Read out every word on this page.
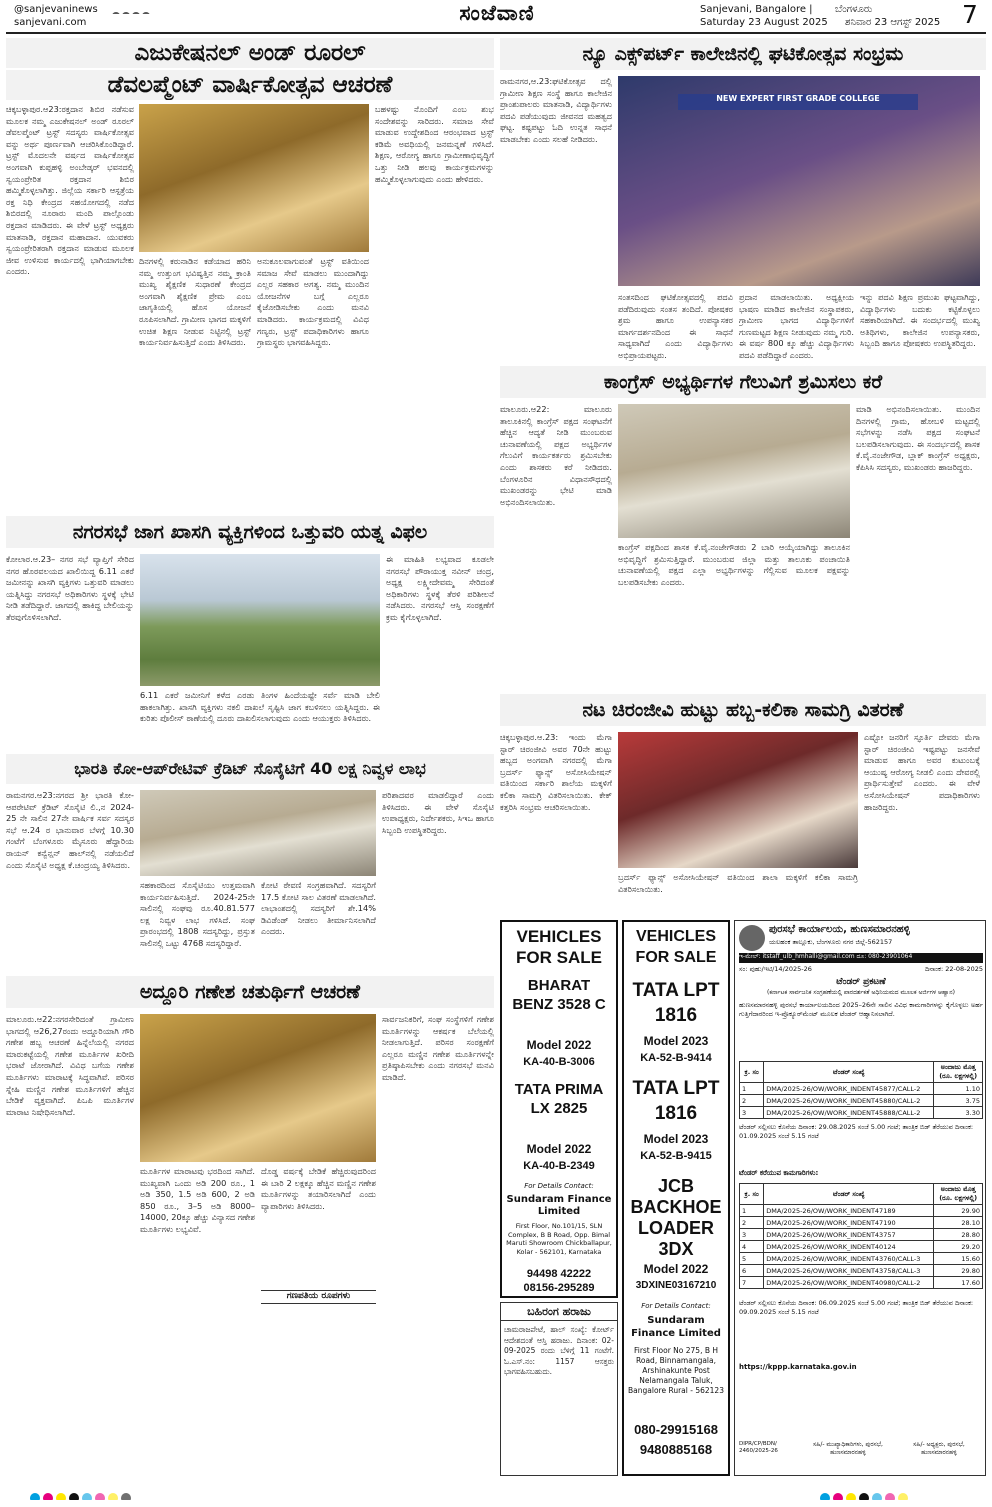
@sanjevaninews
sanjevani.com	ಸಂಜೆವಾಣಿ	Sanjevani, Bangalore |	ಬೆಂಗಳೂರು
Saturday 23 August 2025	ಶನಿವಾರ 23 ಆಗಸ್ಟ್ 2025 7
ಎಜುಕೇಷನಲ್ ಅಂಡ್ ರೂರಲ್
ಡೆವಲಪ್ಮೆಂಟ್ ವಾರ್ಷಿಕೋತ್ಸವ ಆಚರಣೆ
ಚಿಕ್ಕಬಳ್ಳಾಪುರ.ಆ23:ರಕ್ತದಾನ ಶಿಬಿರ ನಡೆಸುವ ಮೂಲಕ ನಮ್ಮ ಎಜುಕೇಷನಲ್ ಅಂಡ್ ರೂರಲ್ ಡೆವಲಪ್ಮೆಂಟ್ ಟ್ರಸ್ಟ್ ಸದಸ್ಯರು ವಾರ್ಷಿಕೋತ್ಸವ ವನ್ನು ಅರ್ಥ ಪೂರ್ಣವಾಗಿ ಆಚರಿಸಿಕೊಂಡಿದ್ದಾರೆ. ಟ್ರಸ್ಟ್ ಮೊದಲನೇ ವರ್ಷದ ವಾರ್ಷಿಕೋತ್ಸವ ಅಂಗವಾಗಿ ಕುಪ್ಪಹಳ್ಳಿ ಅಂಬೇಡ್ಕರ್ ಭವನದಲ್ಲಿ ಸ್ವಯಂಪ್ರೇರಿತ ರಕ್ತದಾನ ಶಿಬಿರ ಹಮ್ಮಿಕೊಳ್ಳಲಾಗಿತ್ತು. ಜಿಲ್ಲೆಯ ಸರ್ಕಾರಿ ಆಸ್ಪತ್ರೆಯ ರಕ್ತ ನಿಧಿ ಕೇಂದ್ರದ ಸಹಯೋಗದಲ್ಲಿ ನಡೆದ ಶಿಬಿರದಲ್ಲಿ ನೂರಾರು ಮಂದಿ ಪಾಲ್ಗೊಂಡು ರಕ್ತದಾನ ಮಾಡಿದರು. ಈ ವೇಳೆ ಟ್ರಸ್ಟ್ ಅಧ್ಯಕ್ಷರು ಮಾತನಾಡಿ, ರಕ್ತದಾನ ಮಹಾದಾನ. ಯುವಕರು ಸ್ವಯಂಪ್ರೇರಿತರಾಗಿ ರಕ್ತದಾನ ಮಾಡುವ ಮೂಲಕ ಜೀವ ಉಳಿಸುವ ಕಾರ್ಯದಲ್ಲಿ ಭಾಗಿಯಾಗಬೇಕು ಎಂದರು.
ದಿನಗಳಲ್ಲಿ ಕರುನಾಡಿನ ಕಡೆಯಾದ ಹರಿನಿ ನಮ್ಮ ಉತ್ತುಂಗ ಭವಿಷ್ಯತ್ತಿನ ನಮ್ಮ ಕ್ರಾಂತಿ ಮುಖ್ಯ ಶೈಕ್ಷಣಿಕ ಸುಧಾರಣೆ ಕೇಂದ್ರದ ಅಂಗವಾಗಿ ಶೈಕ್ಷಣಿಕ ಪ್ರೇಮ ಎಂಬ ಜಾಗೃತಿಯಲ್ಲಿ ಹೊಸ ಯೋಜನೆ ರೂಪಿಸಲಾಗಿದೆ. ಗ್ರಾಮೀಣ ಭಾಗದ ಮಕ್ಕಳಿಗೆ ಉಚಿತ ಶಿಕ್ಷಣ ನೀಡುವ ನಿಟ್ಟಿನಲ್ಲಿ ಟ್ರಸ್ಟ್ ಕಾರ್ಯನಿರ್ವಹಿಸುತ್ತಿದೆ ಎಂದು ತಿಳಿಸಿದರು.
ಅನುಕೂಲವಾಗುವಂತೆ ಟ್ರಸ್ಟ್ ವತಿಯಿಂದ ಸಮಾಜ ಸೇವೆ ಮಾಡಲು ಮುಂದಾಗಿದ್ದು ಎಲ್ಲರ ಸಹಕಾರ ಅಗತ್ಯ. ನಮ್ಮ ಮುಂದಿನ ಯೋಜನೆಗಳ ಬಗ್ಗೆ ಎಲ್ಲರೂ ಕೈಜೋಡಿಸಬೇಕು ಎಂದು ಮನವಿ ಮಾಡಿದರು. ಕಾರ್ಯಕ್ರಮದಲ್ಲಿ ವಿವಿಧ ಗಣ್ಯರು, ಟ್ರಸ್ಟ್ ಪದಾಧಿಕಾರಿಗಳು ಹಾಗೂ ಗ್ರಾಮಸ್ಥರು ಭಾಗವಹಿಸಿದ್ದರು.
ಬಹಳಷ್ಟು ನೊಂದಿಗೆ ಎಂಬ ಶುಭ ಸಂದೇಶವನ್ನು ಸಾರಿದರು. ಸಮಾಜ ಸೇವೆ ಮಾಡುವ ಉದ್ದೇಶದಿಂದ ಆರಂಭವಾದ ಟ್ರಸ್ಟ್ ಕಡಿಮೆ ಅವಧಿಯಲ್ಲಿ ಜನಮನ್ನಣೆ ಗಳಿಸಿದೆ. ಶಿಕ್ಷಣ, ಆರೋಗ್ಯ ಹಾಗೂ ಗ್ರಾಮೀಣಾಭಿವೃದ್ಧಿಗೆ ಒತ್ತು ನೀಡಿ ಹಲವು ಕಾರ್ಯಕ್ರಮಗಳನ್ನು ಹಮ್ಮಿಕೊಳ್ಳಲಾಗುವುದು ಎಂದು ಹೇಳಿದರು.
ನ್ಯೂ ಎಕ್ಸ್‌ಪರ್ಟ್ ಕಾಲೇಜಿನಲ್ಲಿ ಘಟಿಕೋತ್ಸವ ಸಂಭ್ರಮ
ರಾಮನಗರ,ಆ.23:ಘಟಿಕೋತ್ಸವ ದಲ್ಲಿ ಗ್ರಾಮೀಣ ಶಿಕ್ಷಣ ಸಂಸ್ಥೆ ಹಾಗೂ ಕಾಲೇಜಿನ ಪ್ರಾಂಶುಪಾಲರು ಮಾತನಾಡಿ, ವಿದ್ಯಾರ್ಥಿಗಳು ಪದವಿ ಪಡೆಯುವುದು ಜೀವನದ ಮಹತ್ವದ ಘಟ್ಟ. ಕಷ್ಟಪಟ್ಟು ಓದಿ ಉನ್ನತ ಸಾಧನೆ ಮಾಡಬೇಕು ಎಂದು ಸಲಹೆ ನೀಡಿದರು.
NEW EXPERT FIRST GRADE COLLEGE
ಸಂತಸದಿಂದ ಘಟಿಕೋತ್ಸವದಲ್ಲಿ ಪದವಿ ಪಡೆದಿರುವುದು ಸಂತಸ ತಂದಿದೆ. ಪೋಷಕರ ಶ್ರಮ ಹಾಗೂ ಉಪನ್ಯಾಸಕರ ಮಾರ್ಗದರ್ಶನದಿಂದ ಈ ಸಾಧನೆ ಸಾಧ್ಯವಾಗಿದೆ ಎಂದು ವಿದ್ಯಾರ್ಥಿಗಳು ಅಭಿಪ್ರಾಯಪಟ್ಟರು.
ಪ್ರದಾನ ಮಾಡಲಾಯಿತು. ಅಧ್ಯಕ್ಷೀಯ ಭಾಷಣ ಮಾಡಿದ ಕಾಲೇಜಿನ ಸಂಸ್ಥಾಪಕರು, ಗ್ರಾಮೀಣ ಭಾಗದ ವಿದ್ಯಾರ್ಥಿಗಳಿಗೆ ಗುಣಮಟ್ಟದ ಶಿಕ್ಷಣ ನೀಡುವುದು ನಮ್ಮ ಗುರಿ. ಈ ವರ್ಷ 800 ಕ್ಕೂ ಹೆಚ್ಚು ವಿದ್ಯಾರ್ಥಿಗಳು ಪದವಿ ಪಡೆದಿದ್ದಾರೆ ಎಂದರು.
ಇನ್ನು ಪದವಿ ಶಿಕ್ಷಣ ಪ್ರಮುಖ ಘಟ್ಟವಾಗಿದ್ದು, ವಿದ್ಯಾರ್ಥಿಗಳು ಬದುಕು ಕಟ್ಟಿಕೊಳ್ಳಲು ಸಹಕಾರಿಯಾಗಿದೆ. ಈ ಸಂದರ್ಭದಲ್ಲಿ ಮುಖ್ಯ ಅತಿಥಿಗಳು, ಕಾಲೇಜಿನ ಉಪನ್ಯಾಸಕರು, ಸಿಬ್ಬಂದಿ ಹಾಗೂ ಪೋಷಕರು ಉಪಸ್ಥಿತರಿದ್ದರು.
ಕಾಂಗ್ರೆಸ್ ಅಭ್ಯರ್ಥಿಗಳ ಗೆಲುವಿಗೆ ಶ್ರಮಿಸಲು ಕರೆ
ಮಾಲೂರು.ಆ22: ಮಾಲೂರು ತಾಲೂಕಿನಲ್ಲಿ ಕಾಂಗ್ರೆಸ್ ಪಕ್ಷದ ಸಂಘಟನೆಗೆ ಹೆಚ್ಚಿನ ಆದ್ಯತೆ ನೀಡಿ ಮುಂಬರುವ ಚುನಾವಣೆಯಲ್ಲಿ ಪಕ್ಷದ ಅಭ್ಯರ್ಥಿಗಳ ಗೆಲುವಿಗೆ ಕಾರ್ಯಕರ್ತರು ಶ್ರಮಿಸಬೇಕು ಎಂದು ಶಾಸಕರು ಕರೆ ನೀಡಿದರು. ಬೆಂಗಳೂರಿನ ವಿಧಾನಸೌಧದಲ್ಲಿ ಮುಖಂಡರನ್ನು ಭೇಟಿ ಮಾಡಿ ಅಭಿನಂದಿಸಲಾಯಿತು.
ಕಾಂಗ್ರೆಸ್ ಪಕ್ಷದಿಂದ ಶಾಸಕ ಕೆ.ವೈ.ನಂಜೇಗೌಡರು 2 ಬಾರಿ ಆಯ್ಕೆಯಾಗಿದ್ದು ತಾಲೂಕಿನ ಅಭಿವೃದ್ಧಿಗೆ ಶ್ರಮಿಸುತ್ತಿದ್ದಾರೆ. ಮುಂಬರುವ ಜಿಲ್ಲಾ ಮತ್ತು ತಾಲೂಕು ಪಂಚಾಯಿತಿ ಚುನಾವಣೆಯಲ್ಲಿ ಪಕ್ಷದ ಎಲ್ಲಾ ಅಭ್ಯರ್ಥಿಗಳನ್ನು ಗೆಲ್ಲಿಸುವ ಮೂಲಕ ಪಕ್ಷವನ್ನು ಬಲಪಡಿಸಬೇಕು ಎಂದರು.
ಮಾಡಿ ಅಭಿನಂದಿಸಲಾಯಿತು. ಮುಂದಿನ ದಿನಗಳಲ್ಲಿ ಗ್ರಾಮ, ಹೋಬಳಿ ಮಟ್ಟದಲ್ಲಿ ಸಭೆಗಳನ್ನು ನಡೆಸಿ ಪಕ್ಷದ ಸಂಘಟನೆ ಬಲಪಡಿಸಲಾಗುವುದು. ಈ ಸಂದರ್ಭದಲ್ಲಿ ಶಾಸಕ ಕೆ.ವೈ.ನಂಜೇಗೌಡ, ಬ್ಲಾಕ್ ಕಾಂಗ್ರೆಸ್ ಅಧ್ಯಕ್ಷರು, ಕೆಪಿಸಿಸಿ ಸದಸ್ಯರು, ಮುಖಂಡರು ಹಾಜರಿದ್ದರು.
ನಗರಸಭೆ ಜಾಗ ಖಾಸಗಿ ವ್ಯಕ್ತಿಗಳಿಂದ ಒತ್ತುವರಿ ಯತ್ನ ವಿಫಲ
ಕೋಲಾರ.ಆ.23– ನಗರ ಸಭೆ ವ್ಯಾಪ್ತಿಗೆ ಸೇರಿದ ನಗರ ಹೊರವಲಯದ ಖಾಲಿಯಿದ್ದ 6.11 ಎಕರೆ ಜಮೀನನ್ನು ಖಾಸಗಿ ವ್ಯಕ್ತಿಗಳು ಒತ್ತುವರಿ ಮಾಡಲು ಯತ್ನಿಸಿದ್ದು ನಗರಸಭೆ ಅಧಿಕಾರಿಗಳು ಸ್ಥಳಕ್ಕೆ ಭೇಟಿ ನೀಡಿ ತಡೆದಿದ್ದಾರೆ. ಜಾಗದಲ್ಲಿ ಹಾಕಿದ್ದ ಬೇಲಿಯನ್ನು ತೆರವುಗೊಳಿಸಲಾಗಿದೆ.
6.11 ಎಕರೆ ಜಮೀನಿಗೆ ಕಳೆದ ಎರಡು ತಿಂಗಳ ಹಿಂದೆಯಷ್ಟೇ ಸರ್ವೆ ಮಾಡಿ ಬೇಲಿ ಹಾಕಲಾಗಿತ್ತು. ಖಾಸಗಿ ವ್ಯಕ್ತಿಗಳು ನಕಲಿ ದಾಖಲೆ ಸೃಷ್ಟಿಸಿ ಜಾಗ ಕಬಳಿಸಲು ಯತ್ನಿಸಿದ್ದರು. ಈ ಕುರಿತು ಪೊಲೀಸ್ ಠಾಣೆಯಲ್ಲಿ ದೂರು ದಾಖಲಿಸಲಾಗುವುದು ಎಂದು ಆಯುಕ್ತರು ತಿಳಿಸಿದರು.
ಈ ಮಾಹಿತಿ ಲಭ್ಯವಾದ ಕೂಡಲೇ ನಗರಸಭೆ ಪೌರಾಯುಕ್ತ ನವೀನ್ ಚಂದ್ರ, ಅಧ್ಯಕ್ಷ ಲಕ್ಷ್ಮೀದೇವಮ್ಮ ಸೇರಿದಂತೆ ಅಧಿಕಾರಿಗಳು ಸ್ಥಳಕ್ಕೆ ತೆರಳಿ ಪರಿಶೀಲನೆ ನಡೆಸಿದರು. ನಗರಸಭೆ ಆಸ್ತಿ ಸಂರಕ್ಷಣೆಗೆ ಕ್ರಮ ಕೈಗೊಳ್ಳಲಾಗಿದೆ.
ನಟ ಚಿರಂಜೀವಿ ಹುಟ್ಟು ಹಬ್ಬ-ಕಲಿಕಾ ಸಾಮಗ್ರಿ ವಿತರಣೆ
ಚಿಕ್ಕಬಳ್ಳಾಪುರ.ಆ.23: ಇಂದು ಮೆಗಾ ಸ್ಟಾರ್ ಚಿರಂಜೀವಿ ಅವರ 70ನೇ ಹುಟ್ಟು ಹಬ್ಬದ ಅಂಗವಾಗಿ ನಗರದಲ್ಲಿ ಮೆಗಾ ಬ್ರದರ್ಸ್ ಫ್ಯಾನ್ಸ್ ಅಸೋಸಿಯೇಷನ್ ವತಿಯಿಂದ ಸರ್ಕಾರಿ ಶಾಲೆಯ ಮಕ್ಕಳಿಗೆ ಕಲಿಕಾ ಸಾಮಗ್ರಿ ವಿತರಿಸಲಾಯಿತು. ಕೇಕ್ ಕತ್ತರಿಸಿ ಸಂಭ್ರಮ ಆಚರಿಸಲಾಯಿತು.
ಬ್ರದರ್ಸ್ ಫ್ಯಾನ್ಸ್ ಅಸೋಸಿಯೇಷನ್ ವತಿಯಿಂದ ಶಾಲಾ ಮಕ್ಕಳಿಗೆ ಕಲಿಕಾ ಸಾಮಗ್ರಿ ವಿತರಿಸಲಾಯಿತು.
ಎಷ್ಟೋ ಜನರಿಗೆ ಸ್ಫೂರ್ತಿ ದೇವರು ಮೆಗಾ ಸ್ಟಾರ್ ಚಿರಂಜೀವಿ ಇಷ್ಟಪಟ್ಟು ಜನಸೇವೆ ಮಾಡುವ ಹಾಗೂ ಅವರ ಕುಟುಂಬಕ್ಕೆ ಆಯುಷ್ಯ ಆರೋಗ್ಯ ನೀಡಲಿ ಎಂದು ದೇವರಲ್ಲಿ ಪ್ರಾರ್ಥಿಸುತ್ತೇವೆ ಎಂದರು. ಈ ವೇಳೆ ಅಸೋಸಿಯೇಷನ್ ಪದಾಧಿಕಾರಿಗಳು ಹಾಜರಿದ್ದರು.
ಭಾರತಿ ಕೋ-ಆಪ್‌ರೇಟಿವ್ ಕ್ರೆಡಿಟ್ ಸೊಸೈಟಿಗೆ 40 ಲಕ್ಷ ನಿವ್ವಳ ಲಾಭ
ರಾಮನಗರ.ಆ23:ನಗರದ ಶ್ರೀ ಭಾರತಿ ಕೋ-ಆಪರೇಟಿವ್ ಕ್ರೆಡಿಟ್ ಸೊಸೈಟಿ ಲಿ.,ನ 2024-25 ನೇ ಸಾಲಿನ 27ನೇ ವಾರ್ಷಿಕ ಸರ್ವ ಸದಸ್ಯರ ಸಭೆ ಆ.24 ರ ಭಾನುವಾರ ಬೆಳಗ್ಗೆ 10.30 ಗಂಟೆಗೆ ಬೆಂಗಳೂರು ಮೈಸೂರು ಹೆದ್ದಾರಿಯ ರಾಯನ್ ಕನ್ವೆನ್ಷನ್ ಹಾಲ್‌ನಲ್ಲಿ ನಡೆಯಲಿದೆ ಎಂದು ಸೊಸೈಟಿ ಅಧ್ಯಕ್ಷ ಕೆ.ಚಂದ್ರಯ್ಯ ತಿಳಿಸಿದರು.
ಸಹಕಾರದಿಂದ ಸೊಸೈಟಿಯು ಉತ್ತಮವಾಗಿ ಕಾರ್ಯನಿರ್ವಹಿಸುತ್ತಿದೆ. 2024-25ನೇ ಸಾಲಿನಲ್ಲಿ ಸಂಘವು ರೂ.40.81.577 ಲಕ್ಷ ನಿವ್ವಳ ಲಾಭ ಗಳಿಸಿದೆ. ಸಂಘ ಪ್ರಾರಂಭದಲ್ಲಿ 1808 ಸದಸ್ಯರಿದ್ದು, ಪ್ರಸ್ತುತ ಸಾಲಿನಲ್ಲಿ ಒಟ್ಟು 4768 ಸದಸ್ಯರಿದ್ದಾರೆ.
ಕೋಟಿ ಠೇವಣಿ ಸಂಗ್ರಹವಾಗಿದೆ. ಸದಸ್ಯರಿಗೆ 17.5 ಕೋಟಿ ಸಾಲ ವಿತರಣೆ ಮಾಡಲಾಗಿದೆ. ಲಾಭಾಂಶದಲ್ಲಿ ಸದಸ್ಯರಿಗೆ ಶೇ.14% ಡಿವಿಡೆಂಡ್ ನೀಡಲು ತೀರ್ಮಾನಿಸಲಾಗಿದೆ ಎಂದರು.
ಪರಿಶಾದವರ ಮಾಡಲಿದ್ದಾರೆ ಎಂದು ತಿಳಿಸಿದರು. ಈ ವೇಳೆ ಸೊಸೈಟಿ ಉಪಾಧ್ಯಕ್ಷರು, ನಿರ್ದೇಶಕರು, ಸಿಇಒ ಹಾಗೂ ಸಿಬ್ಬಂದಿ ಉಪಸ್ಥಿತರಿದ್ದರು.
ಅದ್ದೂರಿ ಗಣೇಶ ಚತುರ್ಥಿಗೆ ಆಚರಣೆ
ಮಾಲೂರು.ಆ22:ನಗರಸೇರಿದಂತೆ ಗ್ರಾಮೀಣ ಭಾಗದಲ್ಲಿ ಆ26,27ರಂದು ಅದ್ದೂರಿಯಾಗಿ ಗೌರಿ ಗಣೇಶ ಹಬ್ಬ ಆಚರಣೆ ಹಿನ್ನೆಲೆಯಲ್ಲಿ ನಗರದ ಮಾರುಕಟ್ಟೆಯಲ್ಲಿ ಗಣೇಶ ಮೂರ್ತಿಗಳ ಖರೀದಿ ಭರಾಟೆ ಜೋರಾಗಿದೆ. ವಿವಿಧ ಬಗೆಯ ಗಣೇಶ ಮೂರ್ತಿಗಳು ಮಾರಾಟಕ್ಕೆ ಸಿದ್ಧವಾಗಿವೆ. ಪರಿಸರ ಸ್ನೇಹಿ ಮಣ್ಣಿನ ಗಣೇಶ ಮೂರ್ತಿಗಳಿಗೆ ಹೆಚ್ಚಿನ ಬೇಡಿಕೆ ವ್ಯಕ್ತವಾಗಿದೆ. ಪಿಒಪಿ ಮೂರ್ತಿಗಳ ಮಾರಾಟ ನಿಷೇಧಿಸಲಾಗಿದೆ.
ಮೂರ್ತಿಗಳ ಮಾರಾಟವು ಭರದಿಂದ ಸಾಗಿದೆ. ಮುಖ್ಯವಾಗಿ ಒಂದು ಅಡಿ 200 ರೂ., 1 ಅಡಿ 350, 1.5 ಅಡಿ 600, 2 ಅಡಿ 850 ರೂ., 3–5 ಅಡಿ 8000–14000, 20ಕ್ಕೂ ಹೆಚ್ಚು ವಿನ್ಯಾಸದ ಗಣೇಶ ಮೂರ್ತಿಗಳು ಲಭ್ಯವಿವೆ.
ದೊಡ್ಡ ವರ್ಷಕ್ಕೆ ಬೇಡಿಕೆ ಹೆಚ್ಚಿರುವುದರಿಂದ ಈ ಬಾರಿ 2 ಲಕ್ಷಕ್ಕೂ ಹೆಚ್ಚಿನ ಮಣ್ಣಿನ ಗಣೇಶ ಮೂರ್ತಿಗಳನ್ನು ತಯಾರಿಸಲಾಗಿದೆ ಎಂದು ವ್ಯಾಪಾರಿಗಳು ತಿಳಿಸಿದರು.
ಗಣಪತಿಯ ರೂಪಗಳು
ಸಾರ್ವಜನಿಕರಿಗೆ, ಸಂಘ ಸಂಸ್ಥೆಗಳಿಗೆ ಗಣೇಶ ಮೂರ್ತಿಗಳನ್ನು ಆಕರ್ಷಕ ಬೆಲೆಯಲ್ಲಿ ನೀಡಲಾಗುತ್ತಿದೆ. ಪರಿಸರ ಸಂರಕ್ಷಣೆಗೆ ಎಲ್ಲರೂ ಮಣ್ಣಿನ ಗಣೇಶ ಮೂರ್ತಿಗಳನ್ನೇ ಪ್ರತಿಷ್ಠಾಪಿಸಬೇಕು ಎಂದು ನಗರಸಭೆ ಮನವಿ ಮಾಡಿದೆ.
VEHICLES FOR SALE
BHARAT BENZ 3528 C
Model 2022
KA-40-B-3006
TATA PRIMA LX 2825
Model 2022
KA-40-B-2349
For Details Contact:
Sundaram Finance Limited
First Floor, No.101/15, SLN Complex, B B Road, Opp. Bimal Maruti Showroom Chickballapur, Kolar - 562101, Karnataka
94498 42222
08156-295289
ಬಹಿರಂಗ ಹರಾಜು
ಚಾಮರಾಜಪೇಟೆ, ಹಾಲ್ ಸಂಖ್ಯೆ: ಕೋರ್ಟ್ ಆದೇಶದಂತೆ ಆಸ್ತಿ ಹರಾಜು. ದಿನಾಂಕ: 02-09-2025 ರಂದು ಬೆಳಿಗ್ಗೆ 11 ಗಂಟೆಗೆ. ಓ.ಎಸ್.ನಂ: 1157 ಆಸಕ್ತರು ಭಾಗವಹಿಸಬಹುದು.
VEHICLES FOR SALE
TATA LPT 1816
Model 2023
KA-52-B-9414
TATA LPT 1816
Model 2023
KA-52-B-9415
JCB BACKHOE LOADER 3DX
Model 2022
3DXINE03167210
For Details Contact:
Sundaram Finance Limited
First Floor No 275, B H Road, Binnamangala, Arshinakunte Post Nelamangala Taluk, Bangalore Rural - 562123
080-29915168
9480885168
ಪುರಸಭೆ ಕಾರ್ಯಾಲಯ, ಹುಣಸಮಾರನಹಳ್ಳಿ
ಯಲಹಂಕ ತಾಲ್ಲೂಕು, ಬೆಂಗಳೂರು ನಗರ ಜಿಲ್ಲೆ-562157
ಇ-ಮೇಲ್: itstaff_ulb_hmhalli@gmail.com ದೂ: 080-23901064
ಸಂ: ಪುಹು/ಇಟಿ/14/2025-26	ದಿನಾಂಕ: 22-08-2025
ಟೆಂಡರ್ ಪ್ರಕಟಣೆ
(ಕರ್ನಾಟಕ ಸಾರ್ವಜನಿಕ ಸಂಗ್ರಹಣೆಯಲ್ಲಿ ಪಾರದರ್ಶಕತೆ ಅಧಿನಿಯಮದ ಮೂಲಕ ಅರ್ಜಿಗಳ ಆಹ್ವಾನ)
ಹುಣಸಮಾರನಹಳ್ಳಿ ಪುರಸಭೆ ಕಾರ್ಯಾಲಯದಿಂದ 2025–26ನೇ ಸಾಲಿನ ವಿವಿಧ ಕಾಮಗಾರಿಗಳನ್ನು ಕೈಗೊಳ್ಳಲು ಅರ್ಹ ಗುತ್ತಿಗೆದಾರರಿಂದ ಇ-ಪ್ರೊಕ್ಯೂರ್‌ಮೆಂಟ್ ಮೂಲಕ ಟೆಂಡರ್ ಆಹ್ವಾನಿಸಲಾಗಿದೆ.
ಕ್ರ. ಸಂ	ಟೆಂಡರ್ ಸಂಖ್ಯೆ	ಅಂದಾಜು ಮೊತ್ತ (ರೂ. ಲಕ್ಷಗಳಲ್ಲಿ)
1	DMA/2025-26/OW/WORK_INDENT45877/CALL-2	1.10
2	DMA/2025-26/OW/WORK_INDENT45880/CALL-2	3.75
3	DMA/2025-26/OW/WORK_INDENT45888/CALL-2	3.30
ಟೆಂಡರ್ ಸಲ್ಲಿಸಲು ಕೊನೆಯ ದಿನಾಂಕ: 29.08.2025 ಸಂಜೆ 5.00 ಗಂಟೆ; ತಾಂತ್ರಿಕ ಬಿಡ್ ತೆರೆಯುವ ದಿನಾಂಕ: 01.09.2025 ಸಂಜೆ 5.15 ಗಂಟೆ
ಟೆಂಡರ್ ಕರೆಯುವ ಕಾಮಗಾರಿಗಳು:
ಕ್ರ. ಸಂ	ಟೆಂಡರ್ ಸಂಖ್ಯೆ	ಅಂದಾಜು ಮೊತ್ತ (ರೂ. ಲಕ್ಷಗಳಲ್ಲಿ)
1	DMA/2025-26/OW/WORK_INDENT47189	29.90
2	DMA/2025-26/OW/WORK_INDENT47190	28.10
3	DMA/2025-26/OW/WORK_INDENT43757	28.80
4	DMA/2025-26/OW/WORK_INDENT40124	29.20
5	DMA/2025-26/OW/WORK_INDENT43760/CALL-3	15.60
6	DMA/2025-26/OW/WORK_INDENT43758/CALL-3	29.80
7	DMA/2025-26/OW/WORK_INDENT40980/CALL-2	17.60
ಟೆಂಡರ್ ಸಲ್ಲಿಸಲು ಕೊನೆಯ ದಿನಾಂಕ: 06.09.2025 ಸಂಜೆ 5.00 ಗಂಟೆ; ತಾಂತ್ರಿಕ ಬಿಡ್ ತೆರೆಯುವ ದಿನಾಂಕ: 09.09.2025 ಸಂಜೆ 5.15 ಗಂಟೆ
https://kppp.karnataka.gov.in
DIPR/CP/BDN/ 2460/2025-26
ಸಹಿ/- ಮುಖ್ಯಾಧಿಕಾರಿಗಳು, ಪುರಸಭೆ, ಹುಣಸಮಾರನಹಳ್ಳಿ
ಸಹಿ/- ಅಧ್ಯಕ್ಷರು, ಪುರಸಭೆ, ಹುಣಸಮಾರನಹಳ್ಳಿ
